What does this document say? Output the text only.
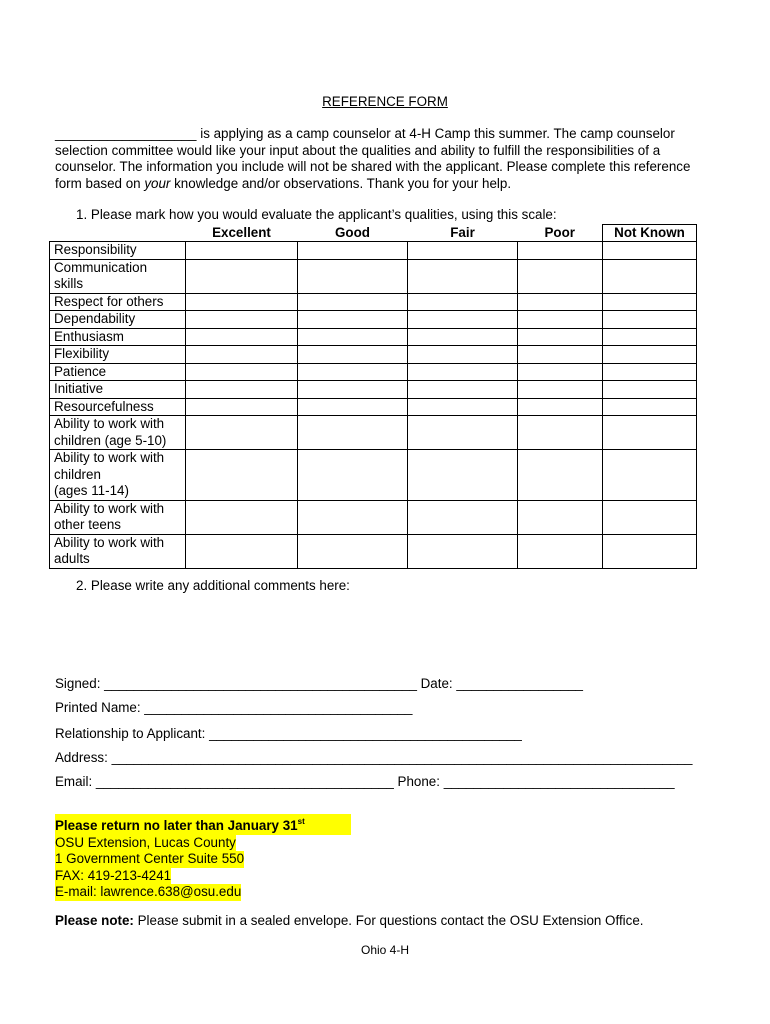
REFERENCE FORM
___________________ is applying as a camp counselor at 4-H Camp this summer. The camp counselor
selection committee would like your input about the qualities and ability to fulfill the responsibilities of a
counselor. The information you include will not be shared with the applicant. Please complete this reference
form based on your knowledge and/or observations. Thank you for your help.
1. Please mark how you would evaluate the applicant’s qualities, using this scale:
	Excellent	Good	Fair	Poor	Not Known

Responsibility					

Communication
skills					

Respect for others					

Dependability					

Enthusiasm					

Flexibility					

Patience					

Initiative					

Resourcefulness					

Ability to work with
children (age 5-10)					

Ability to work with
children
(ages 11-14)					

Ability to work with
other teens					

Ability to work with
adults					

2. Please write any additional comments here:
Signed: __________________________________________ Date: _________________
Printed Name: ____________________________________
Relationship to Applicant: __________________________________________
Address: ______________________________________________________________________________
Email: ________________________________________ Phone: _______________________________
Please return no later than January 31st
OSU Extension, Lucas County
1 Government Center Suite 550
FAX: 419-213-4241
E-mail: lawrence.638@osu.edu
Please note: Please submit in a sealed envelope. For questions contact the OSU Extension Office.
Ohio 4-H
